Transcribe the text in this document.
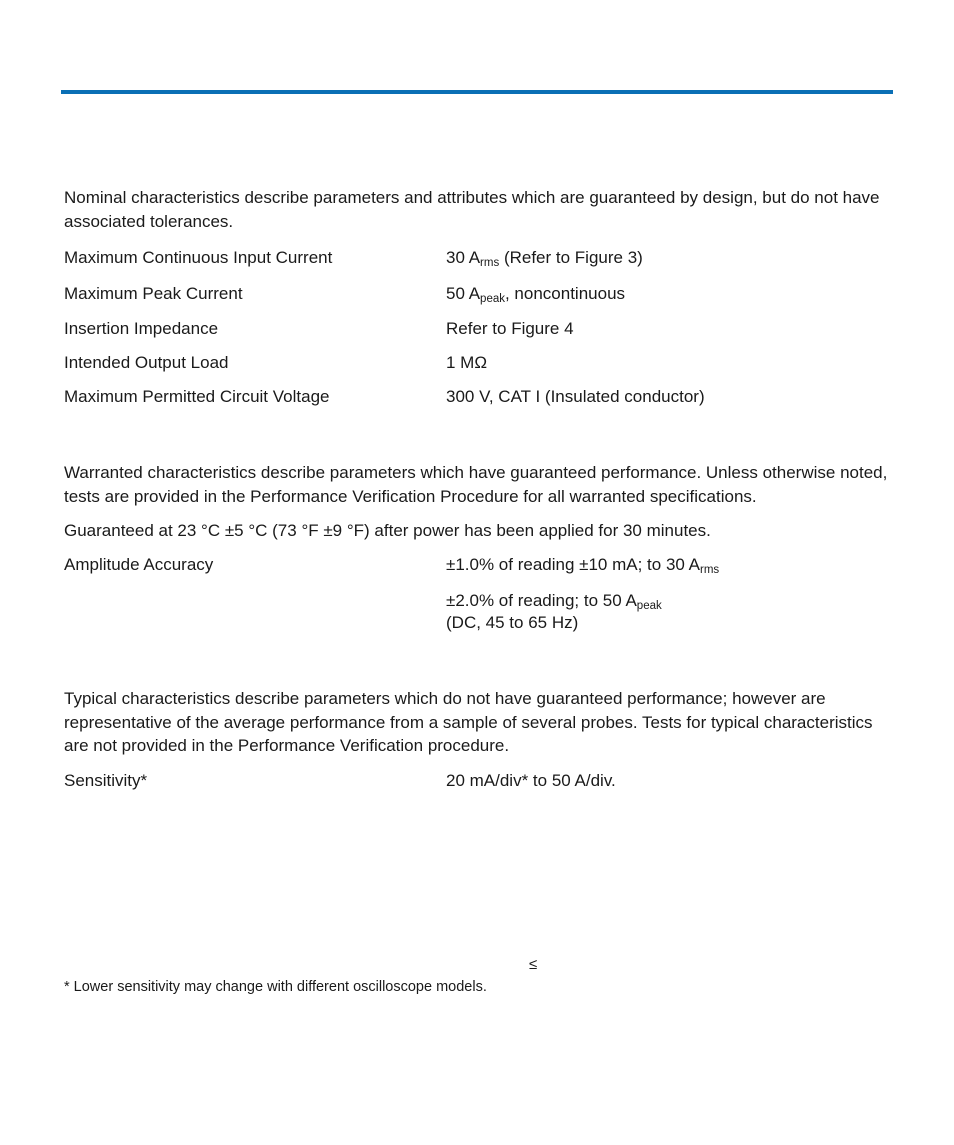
Nominal characteristics describe parameters and attributes which are guaranteed by design, but do not have associated tolerances.
Maximum Continuous Input Current	30 $A_{rms}$ (Refer to Figure 3)
Maximum Peak Current	50 $A_{peak}$, noncontinuous
Insertion Impedance	Refer to Figure 4
Intended Output Load	1 MΩ
Maximum Permitted Circuit Voltage	300 V, CAT I (Insulated conductor)
Warranted characteristics describe parameters which have guaranteed performance. Unless otherwise noted, tests are provided in the Performance Verification Procedure for all warranted specifications.
Guaranteed at 23 °C ±5 °C (73 °F ±9 °F) after power has been applied for 30 minutes.
Amplitude Accuracy	±1.0% of reading ±10 mA; to 30 $A_{rms}$
±2.0% of reading; to 50 $A_{peak}$
(DC, 45 to 65 Hz)
Typical characteristics describe parameters which do not have guaranteed performance; however are representative of the average performance from a sample of several probes. Tests for typical characteristics are not provided in the Performance Verification procedure.
Sensitivity*	20 mA/div* to 50 A/div.
≤
* Lower sensitivity may change with different oscilloscope models.
